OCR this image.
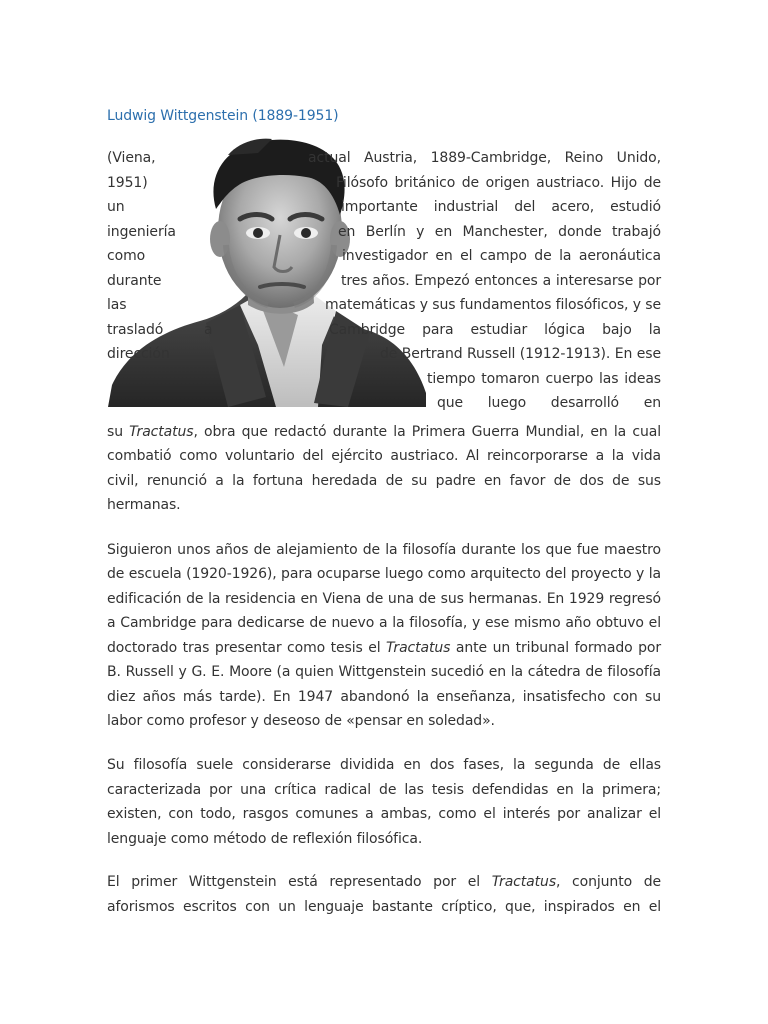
Ludwig Wittgenstein (1889-1951)
(Viena,	actual Austria, 1889-Cambridge, Reino Unido,
1951)	Filósofo británico de origen austriaco. Hijo de
un	importante industrial del acero, estudió
ingeniería	en Berlín y en Manchester, donde trabajó
como	investigador en el campo de la aeronáutica
durante	tres años. Empezó entonces a interesarse por
las	matemáticas y sus fundamentos filosóficos, y se
trasladó	a	Cambridge para estudiar lógica bajo la
dirección	de Bertrand Russell (1912-1913). En ese
tiempo tomaron cuerpo las ideas
que luego desarrolló en
su Tractatus, obra que redactó durante la Primera Guerra Mundial, en la cual
combatió como voluntario del ejército austriaco. Al reincorporarse a la vida
civil, renunció a la fortuna heredada de su padre en favor de dos de sus
hermanas.
Siguieron unos años de alejamiento de la filosofía durante los que fue maestro
de escuela (1920-1926), para ocuparse luego como arquitecto del proyecto y la
edificación de la residencia en Viena de una de sus hermanas. En 1929 regresó
a Cambridge para dedicarse de nuevo a la filosofía, y ese mismo año obtuvo el
doctorado tras presentar como tesis el Tractatus ante un tribunal formado por
B. Russell y G. E. Moore (a quien Wittgenstein sucedió en la cátedra de filosofía
diez años más tarde). En 1947 abandonó la enseñanza, insatisfecho con su
labor como profesor y deseoso de «pensar en soledad».
Su filosofía suele considerarse dividida en dos fases, la segunda de ellas
caracterizada por una crítica radical de las tesis defendidas en la primera;
existen, con todo, rasgos comunes a ambas, como el interés por analizar el
lenguaje como método de reflexión filosófica.
El primer Wittgenstein está representado por el Tractatus, conjunto de
aforismos escritos con un lenguaje bastante críptico, que, inspirados en el
